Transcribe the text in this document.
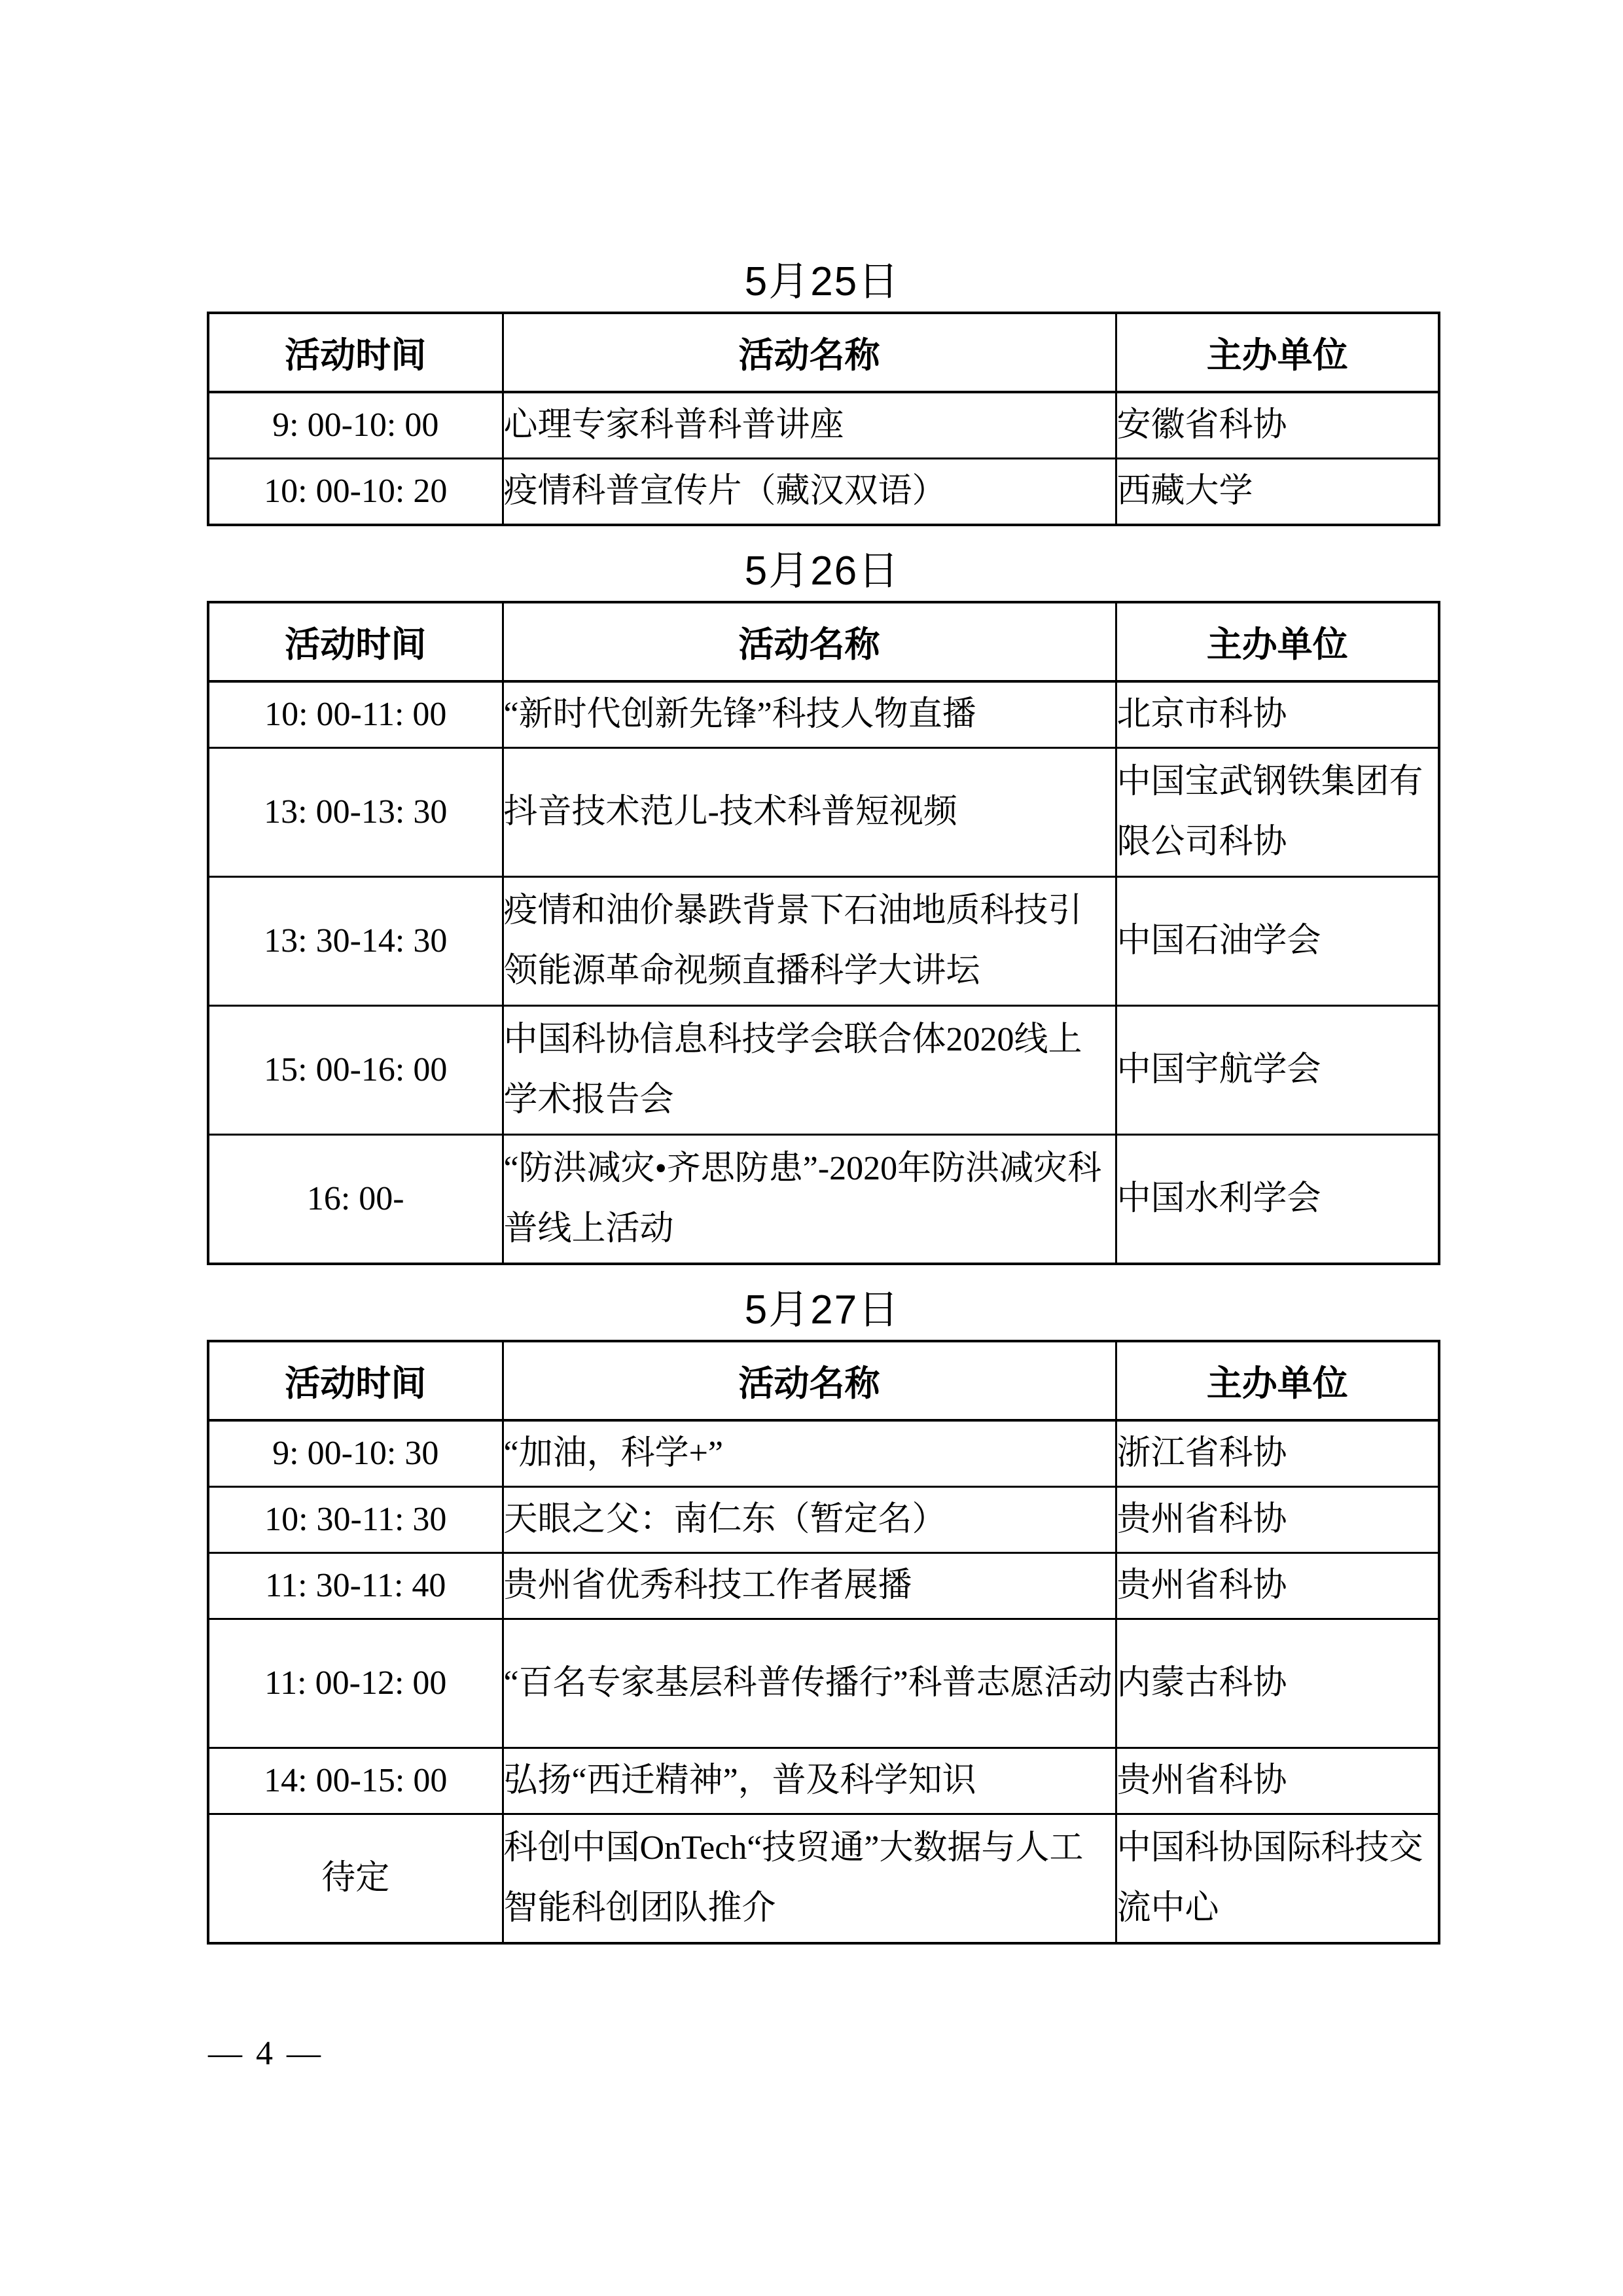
5月25日
活动时间	活动名称	主办单位
9: 00-10: 00	心理专家科普科普讲座	安徽省科协
10: 00-10: 20	疫情科普宣传片（藏汉双语）	西藏大学
5月26日
活动时间	活动名称	主办单位
10: 00-11: 00	“新时代创新先锋”科技人物直播	北京市科协
13: 00-13: 30	抖音技术范儿-技术科普短视频	中国宝武钢铁集团有限公司科协
13: 30-14: 30	疫情和油价暴跌背景下石油地质科技引领能源革命视频直播科学大讲坛	中国石油学会
15: 00-16: 00	中国科协信息科技学会联合体2020线上学术报告会	中国宇航学会
16: 00-	“防洪减灾•齐思防患”-2020年防洪减灾科普线上活动	中国水利学会
5月27日
活动时间	活动名称	主办单位
9: 00-10: 30	“加油，科学+”	浙江省科协
10: 30-11: 30	天眼之父：南仁东（暂定名）	贵州省科协
11: 30-11: 40	贵州省优秀科技工作者展播	贵州省科协
11: 00-12: 00	“百名专家基层科普传播行”科普志愿活动	内蒙古科协
14: 00-15: 00	弘扬“西迁精神”，普及科学知识	贵州省科协
待定	科创中国OnTech“技贸通”大数据与人工智能科创团队推介	中国科协国际科技交流中心
— 4 —
